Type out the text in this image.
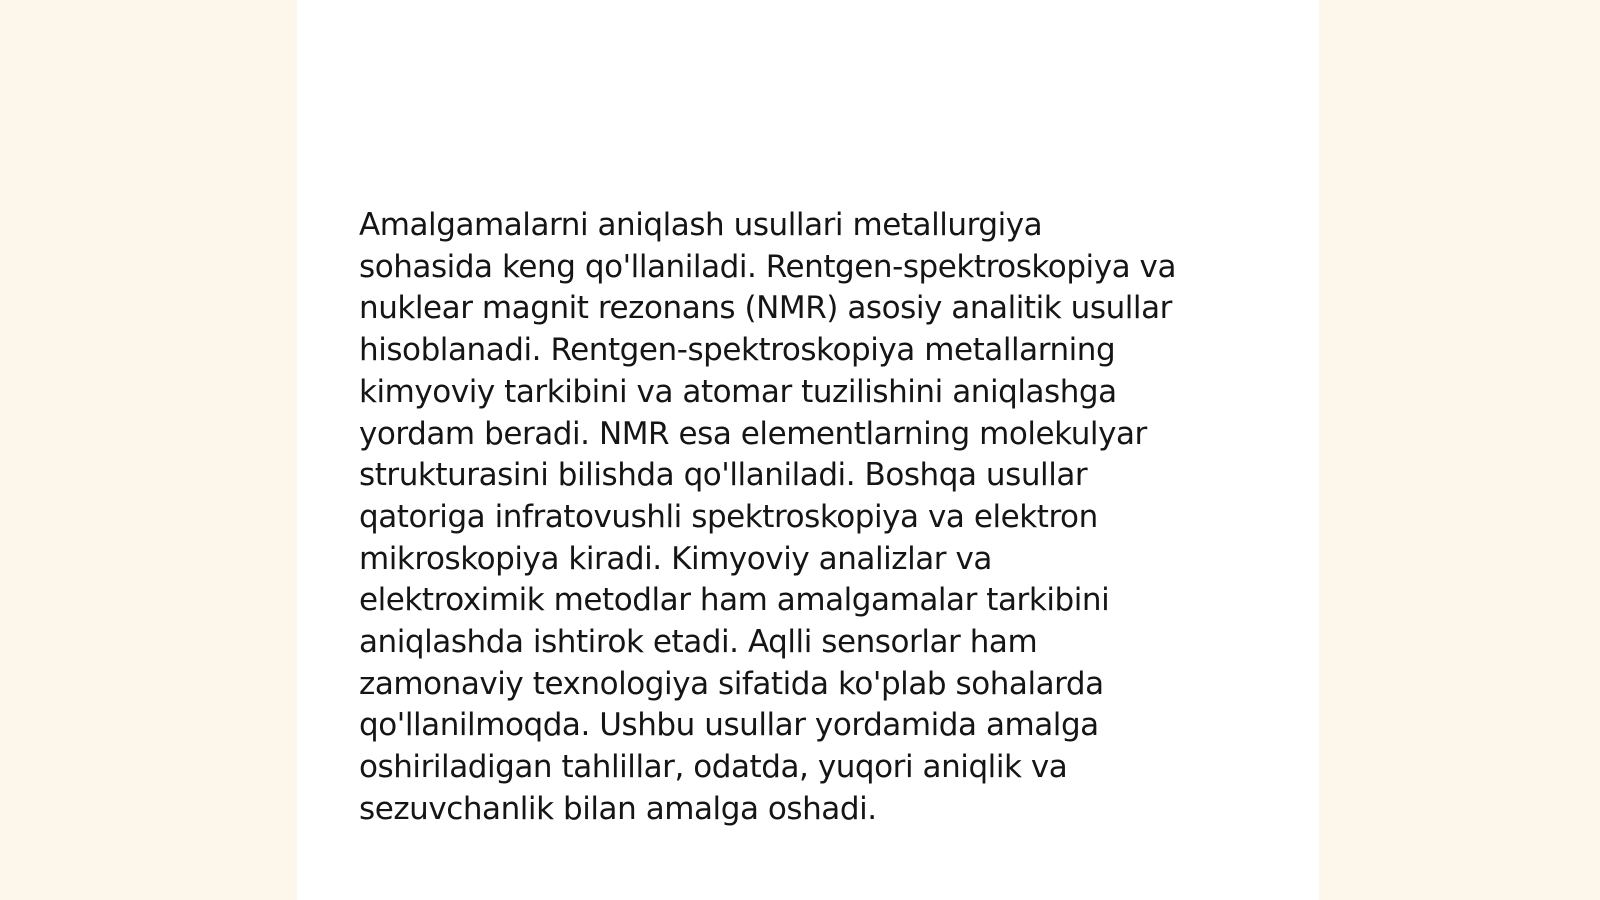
Amalgamalarni aniqlash usullari metallurgiya
sohasida keng qo'llaniladi. Rentgen-spektroskopiya va
nuklear magnit rezonans (NMR) asosiy analitik usullar
hisoblanadi. Rentgen-spektroskopiya metallarning
kimyoviy tarkibini va atomar tuzilishini aniqlashga
yordam beradi. NMR esa elementlarning molekulyar
strukturasini bilishda qo'llaniladi. Boshqa usullar
qatoriga infratovushli spektroskopiya va elektron
mikroskopiya kiradi. Kimyoviy analizlar va
elektroximik metodlar ham amalgamalar tarkibini
aniqlashda ishtirok etadi. Aqlli sensorlar ham
zamonaviy texnologiya sifatida ko'plab sohalarda
qo'llanilmoqda. Ushbu usullar yordamida amalga
oshiriladigan tahlillar, odatda, yuqori aniqlik va
sezuvchanlik bilan amalga oshadi.
